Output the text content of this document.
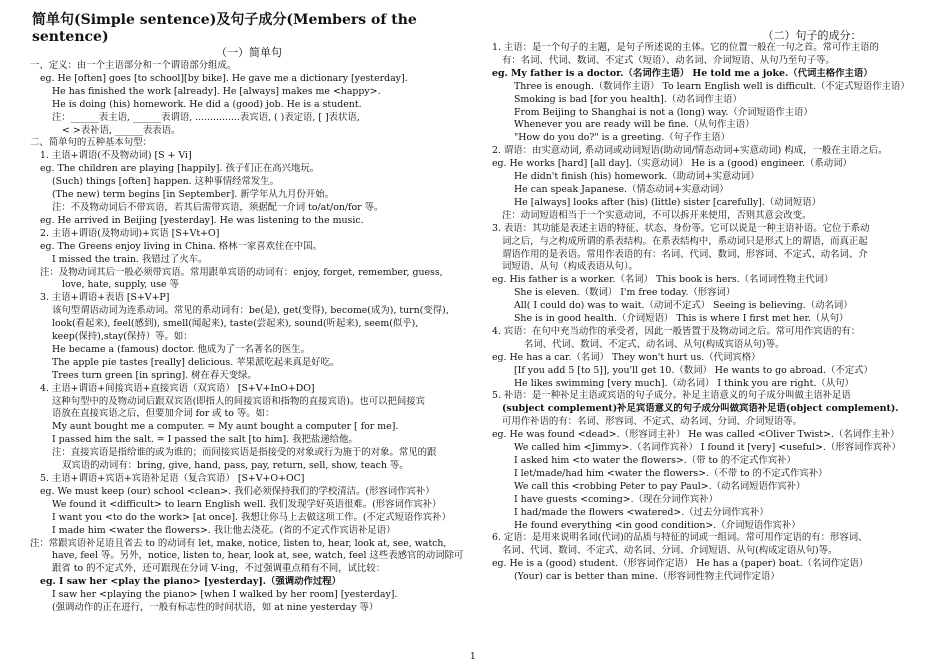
简单句(Simple sentence)及句子成分(Members of the sentence)
（一）简单句
一、定义：由一个主语部分和一个谓语部分组成。
eg. He [often] goes [to school][by bike]. He gave me a dictionary [yesterday].
He has finished the work [already]. He [always] makes me <happy>.
He is doing (his) homework. He did a (good) job. He is a student.
注：______表主语, ______表谓语, ...............表宾语, ( )表定语, [ ]表状语,
< >表补语, ______表表语。
二、简单句的五种基本句型：
1. 主语+谓语(不及物动词) [S + Vi]
eg. The children are playing [happily]. 孩子们正在高兴地玩。
(Such) things [often] happen. 这种事情经常发生。
(The new) term begins [in September]. 新学年从九月份开始。
注：不及物动词后不带宾语，若其后需带宾语，须据配一介词 to/at/on/for 等。
eg. He arrived in Beijing [yesterday]. He was listening to the music.
2. 主语+谓语(及物动词)+宾语 [S+Vt+O]
eg. The Greens enjoy living in China. 格林一家喜欢住在中国。
I missed the train. 我错过了火车。
注：及物动词其后一般必须带宾语。常用跟单宾语的动词有：enjoy, forget, remember, guess,
love, hate, supply, use 等
3. 主语+谓语+表语 [S+V+P]
该句型谓语动词为连系动词。常见的系动词有：be(是), get(变得), become(成为), turn(变得),
look(看起来), feel(感到), smell(闻起来), taste(尝起来), sound(听起来), seem(似乎),
keep(保持),stay(保持）等。如：
He became a (famous) doctor. 他成为了一名著名的医生。
The apple pie tastes [really] delicious. 苹果派吃起来真是好吃。
Trees turn green [in spring]. 树在春天变绿。
4. 主语+谓语+间接宾语+直接宾语（双宾语） [S+V+InO+DO]
这种句型中的及物动词后跟双宾语(即指人的间接宾语和指物的直接宾语)。也可以把间接宾
语放在直接宾语之后，但要加介词 for 或 to 等。如：
My aunt bought me a computer. = My aunt bought a computer [ for me].
I passed him the salt. = I passed the salt [to him]. 我把盐递给他。
注：直接宾语是指给谁的或为谁的；而间接宾语是指接受的对象或行为施于的对象。常见的跟
双宾语的动词有：bring, give, hand, pass, pay, return, sell, show, teach 等。
5. 主语+谓语+宾语+宾语补足语（复合宾语） [S+V+O+OC]
eg. We must keep (our) school <clean>. 我们必须保持我们的学校清洁。(形容词作宾补）
We found it <difficult> to learn English well. 我们发现学好英语很难。(形容词作宾补）
I want you <to do the work> [at once]. 我想让你马上去做这项工作。(不定式短语作宾补）
I made him <water the flowers>. 我让他去浇花。(省的不定式作宾语补足语）
注：常跟宾语补足语且省去 to 的动词有 let, make, notice, listen to, hear, look at, see, watch,
have, feel 等。另外，notice, listen to, hear, look at, see, watch, feel 这些表感官的动词除可
跟省 to 的不定式外，还可跟现在分词 V-ing，不过强调重点稍有不同，试比较：
eg. I saw her <play the piano> [yesterday].（强调动作过程）
I saw her <playing the piano> [when I walked by her room] [yesterday].
(强调动作的正在进行，一般有标志性的时间状语，如 at nine yesterday 等）
（二）句子的成分：
1. 主语：是一个句子的主题，是句子所述说的主体。它的位置一般在一句之首。常可作主语的
有：名词、代词、数词、不定式（短语）、动名词、介词短语、从句乃至句子等。
eg. My father is a doctor.（名词作主语） He told me a joke.（代词主格作主语）
Three is enough.（数词作主语） To learn English well is difficult.（不定式短语作主语）
Smoking is bad [for you health].（动名词作主语）
From Beijing to Shanghai is not a (long) way.（介词短语作主语）
Whenever you are ready will be fine.（从句作主语）
"How do you do?" is a greeting.（句子作主语）
2. 谓语：由实意动词, 系动词或动词短语(助动词/情态动词+实意动词) 构成，一般在主语之后。
eg. He works [hard] [all day].（实意动词） He is a (good) engineer.（系动词）
He didn't finish (his) homework.（助动词+实意动词）
He can speak Japanese.（情态动词+实意动词）
He [always] looks after (his) (little) sister [carefully].（动词短语）
注：动词短语相当于一个实意动词，不可以拆开来使用，否则其意会改变。
3. 表语：其功能是表述主语的特征、状态、身份等。它可以说是一种主语补语。它位于系动
词之后，与之构成所谓的系表结构。在系表结构中，系动词只是形式上的谓语，而真正起
谓语作用的是表语。常用作表语的有：名词、代词、数词、形容词、不定式、动名词、介
词短语、从句（构成表语从句）。
eg. His father is a worker.（名词） This book is hers.（名词词性物主代词）
She is eleven.（数词） I'm free today.（形容词）
All( I could do) was to wait.（动词不定式） Seeing is believing.（动名词）
She is in good health.（介词短语） This is where I first met her.（从句）
4. 宾语：在句中充当动作的承受者，因此一般皆置于及物动词之后。常可用作宾语的有：
名词、代词、数词、不定式、动名词、从句(构成宾语从句)等。
eg. He has a car.（名词） They won't hurt us.（代词宾格）
[If you add 5 [to 5]], you'll get 10.（数词） He wants to go abroad.（不定式）
He likes swimming [very much].（动名词） I think you are right.（从句）
5. 补语：是一种补足主语或宾语的句子成分。补足主语意义的句子成分叫做主语补足语
(subject complement)补足宾语意义的句子成分叫做宾语补足语(object complement).
可用作补语的有：名词、形容词、不定式、动名词、分词、介词短语等。
eg. He was found <dead>.（形容词主补） He was called <Oliver Twist>.（名词作主补）
We called him <Jimmy>.（名词作宾补） I found it [very] <useful>.（形容词作宾补）
I asked him <to water the flowers>.（带 to 的不定式作宾补）
I let/made/had him <water the flowers>.（不带 to 的不定式作宾补）
We call this <robbing Peter to pay Paul>.（动名词短语作宾补）
I have guests <coming>.（现在分词作宾补）
I had/made the flowers <watered>.（过去分词作宾补）
He found everything <in good condition>.（介词短语作宾补）
6. 定语：是用来说明名词(代词)的品质与特征的词或一组词。常可用作定语的有：形容词、
名词、代词、数词、不定式、动名词、分词、介词短语、从句(构成定语从句)等。
eg. He is a (good) student.（形容词作定语） He has a (paper) boat.（名词作定语）
(Your) car is better than mine.（形容词性物主代词作定语）
1
